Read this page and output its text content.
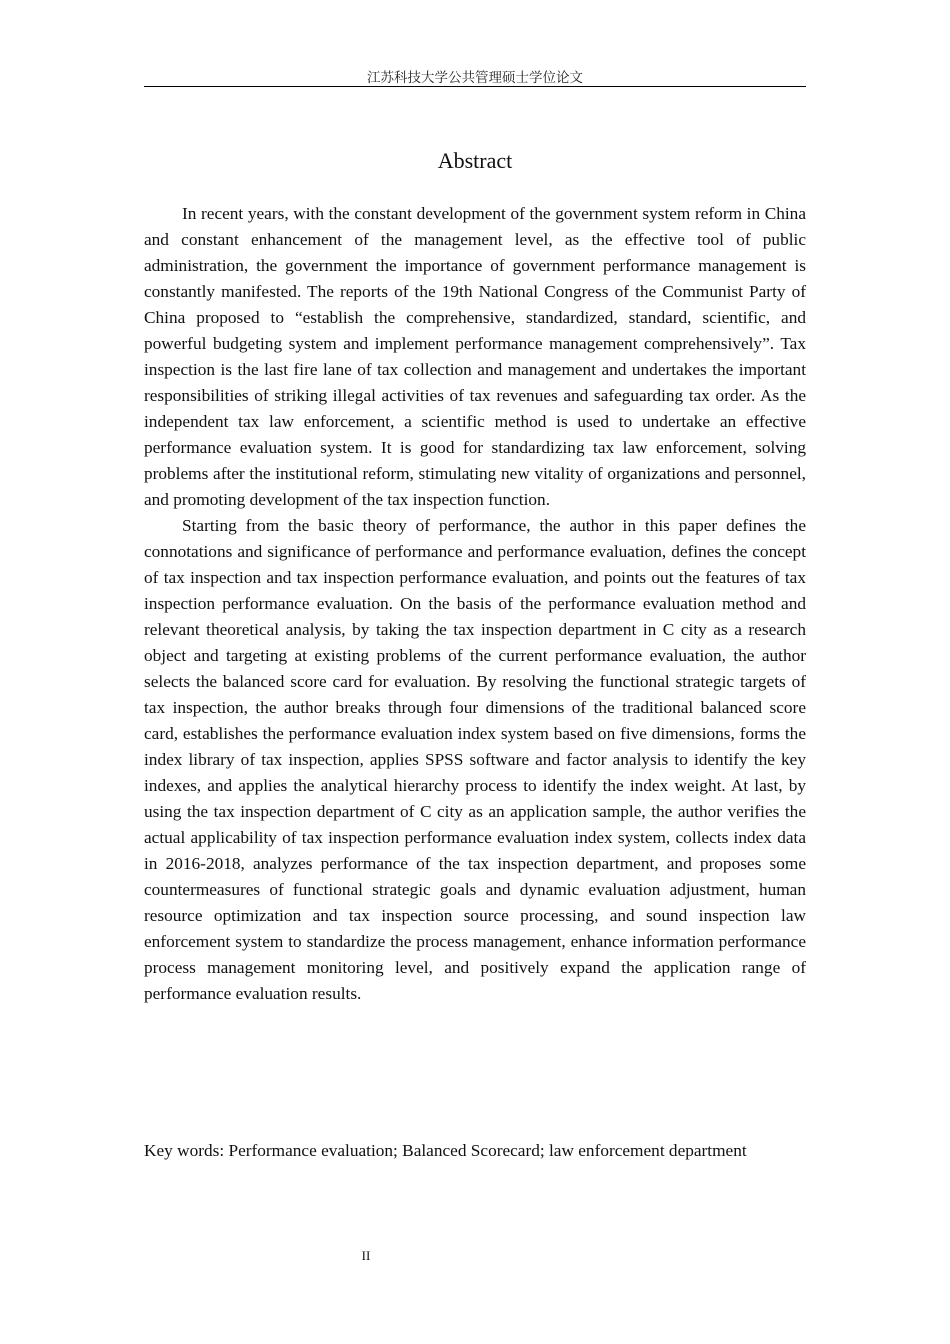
江苏科技大学公共管理硕士学位论文
Abstract

In recent years, with the constant development of the government system reform in China and constant enhancement of the management level, as the effective tool of public administration, the government the importance of government performance management is constantly manifested. The reports of the 19th National Congress of the Communist Party of China proposed to “establish the comprehensive, standardized, standard, scientific, and powerful budgeting system and implement performance management comprehensively”. Tax inspection is the last fire lane of tax collection and management and undertakes the important responsibilities of striking illegal activities of tax revenues and safeguarding tax order. As the independent tax law enforcement, a scientific method is used to undertake an effective performance evaluation system. It is good for standardizing tax law enforcement, solving problems after the institutional reform, stimulating new vitality of organizations and personnel, and promoting development of the tax inspection function.

Starting from the basic theory of performance, the author in this paper defines the connotations and significance of performance and performance evaluation, defines the concept of tax inspection and tax inspection performance evaluation, and points out the features of tax inspection performance evaluation. On the basis of the performance evaluation method and relevant theoretical analysis, by taking the tax inspection department in C city as a research object and targeting at existing problems of the current performance evaluation, the author selects the balanced score card for evaluation. By resolving the functional strategic targets of tax inspection, the author breaks through four dimensions of the traditional balanced score card, establishes the performance evaluation index system based on five dimensions, forms the index library of tax inspection, applies SPSS software and factor analysis to identify the key indexes, and applies the analytical hierarchy process to identify the index weight. At last, by using the tax inspection department of C city as an application sample, the author verifies the actual applicability of tax inspection performance evaluation index system, collects index data in 2016-2018, analyzes performance of the tax inspection department, and proposes some countermeasures of functional strategic goals and dynamic evaluation adjustment, human resource optimization and tax inspection source processing, and sound inspection law enforcement system to standardize the process management, enhance information performance process management monitoring level, and positively expand the application range of performance evaluation results.

Key words: Performance evaluation; Balanced Scorecard; law enforcement department
II
